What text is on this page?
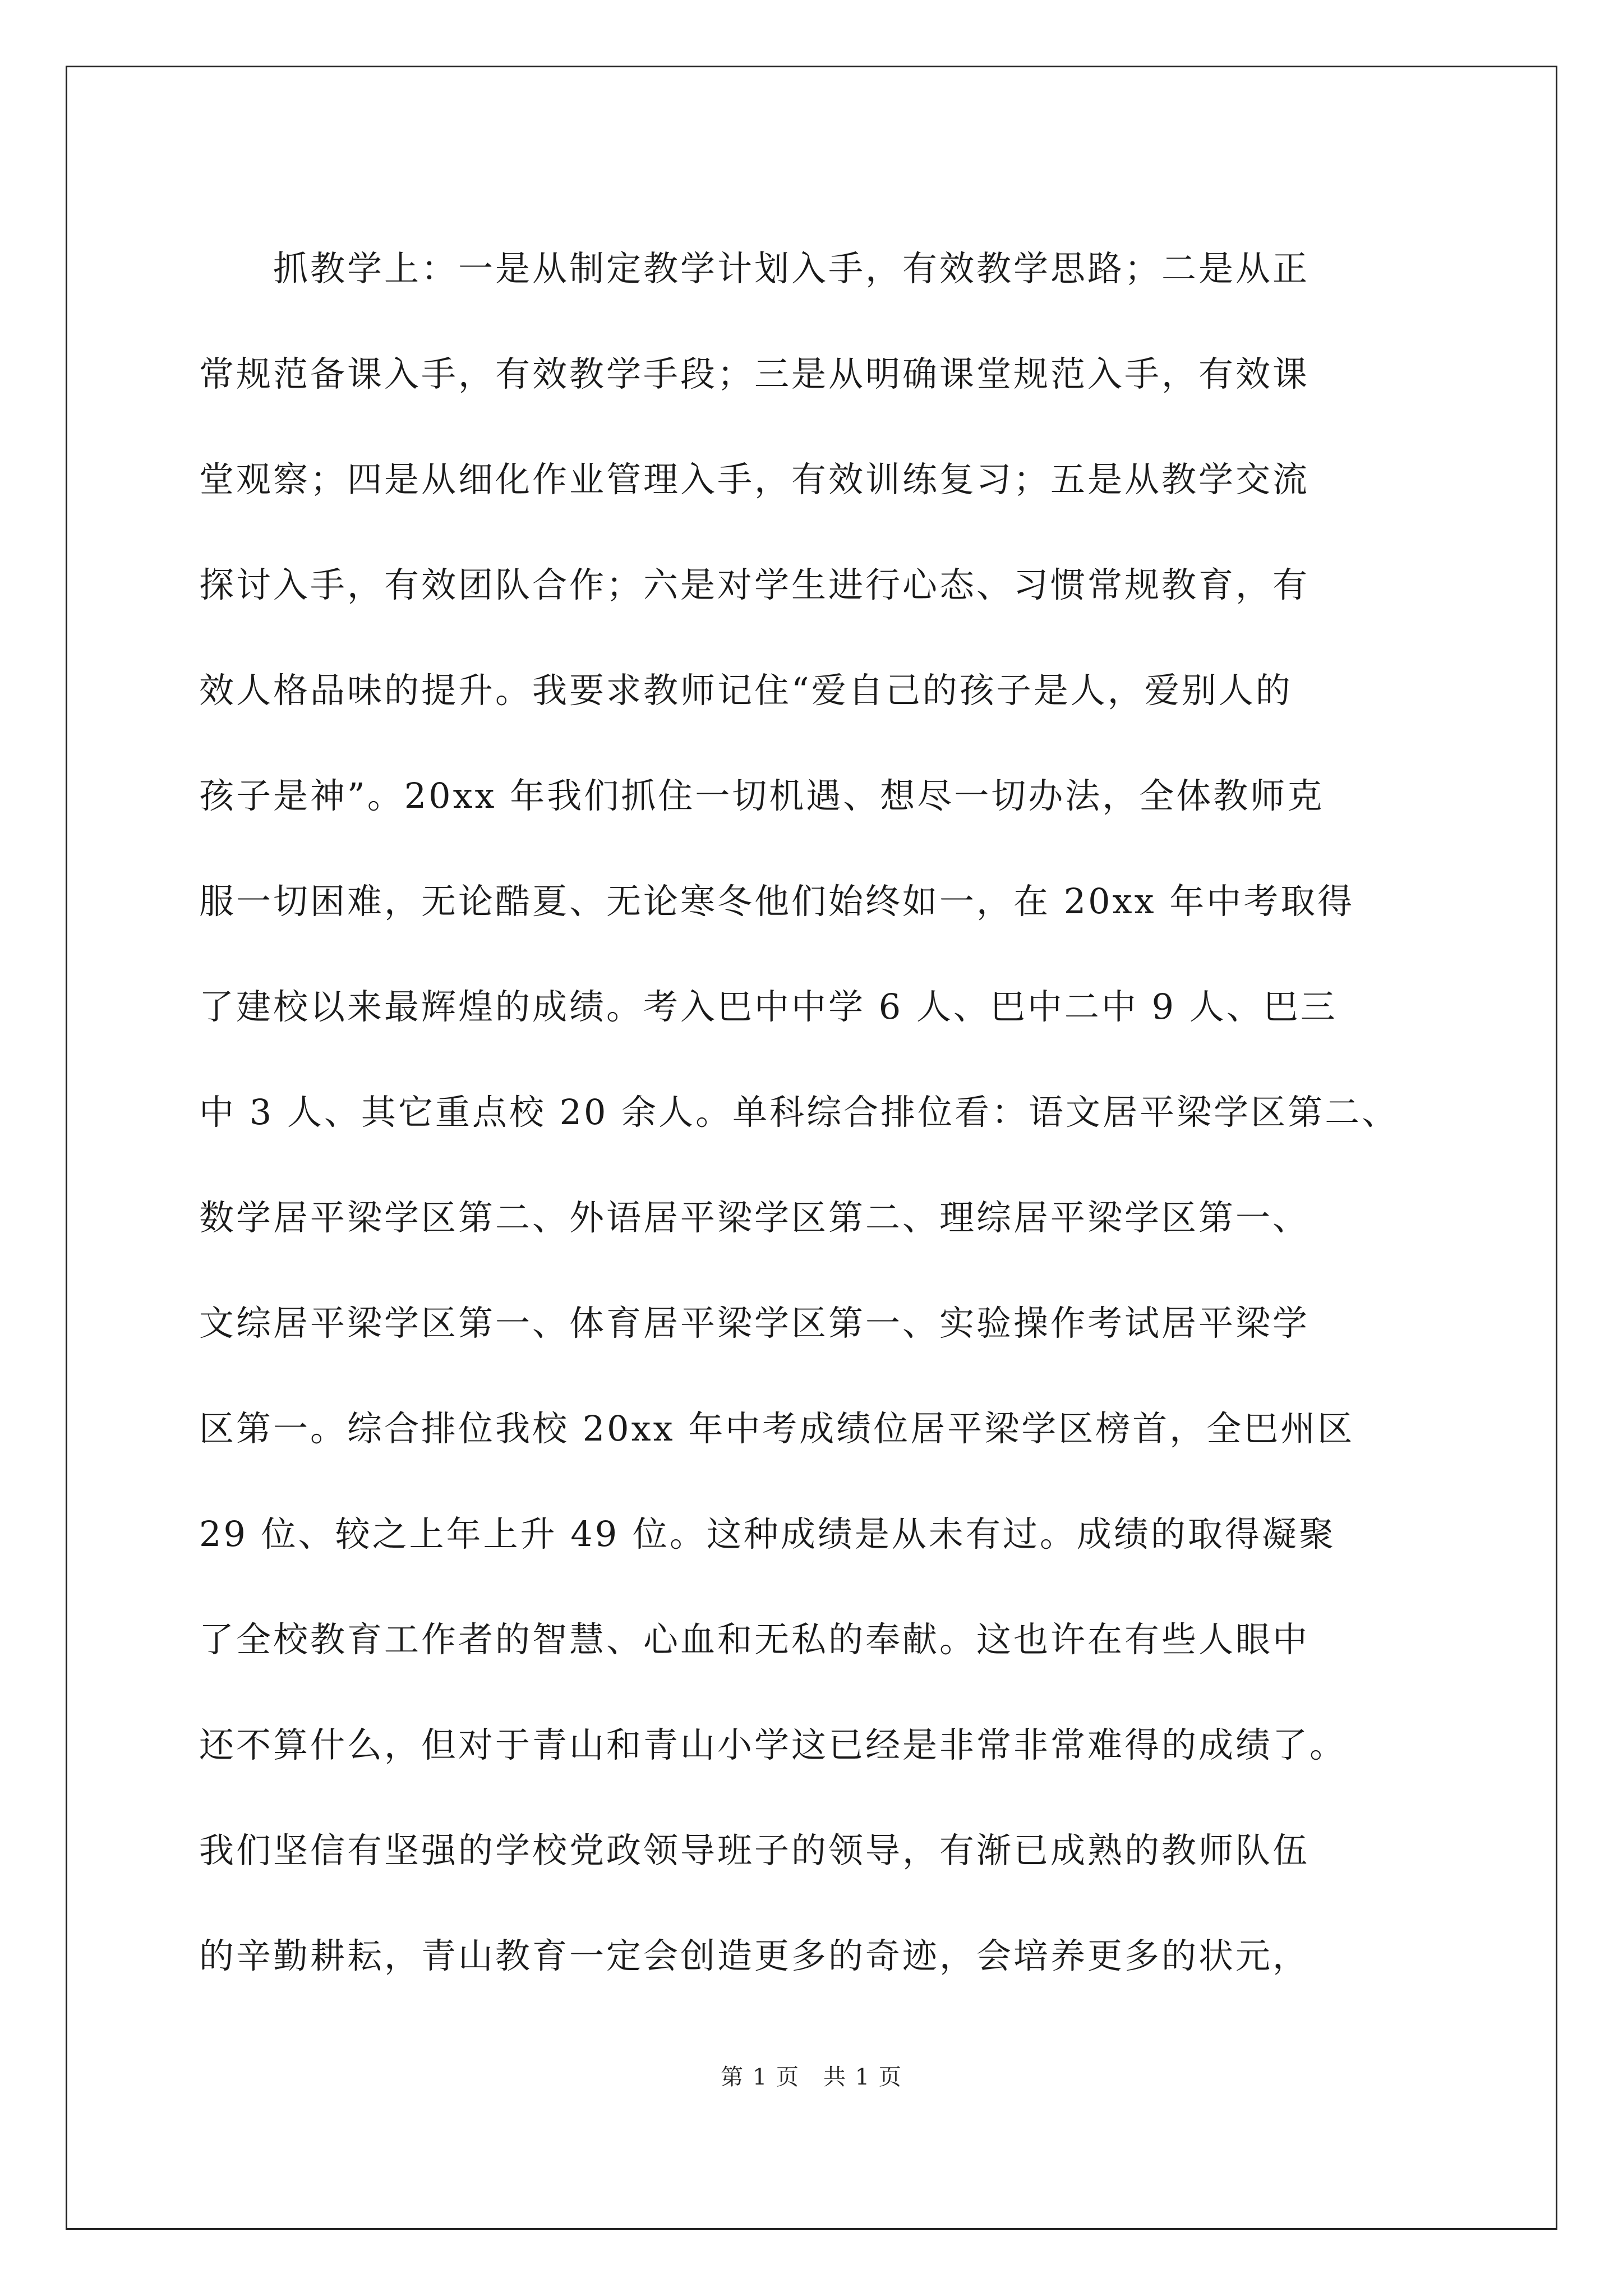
　　抓教学上：一是从制定教学计划入手，有效教学思路；二是从正
常规范备课入手，有效教学手段；三是从明确课堂规范入手，有效课
堂观察；四是从细化作业管理入手，有效训练复习；五是从教学交流
探讨入手，有效团队合作；六是对学生进行心态、习惯常规教育，有
效人格品味的提升。我要求教师记住“爱自己的孩子是人，爱别人的
孩子是神”。20xx 年我们抓住一切机遇、想尽一切办法，全体教师克
服一切困难，无论酷夏、无论寒冬他们始终如一，在 20xx 年中考取得
了建校以来最辉煌的成绩。考入巴中中学 6 人、巴中二中 9 人、巴三
中 3 人、其它重点校 20 余人。单科综合排位看：语文居平梁学区第二、
数学居平梁学区第二、外语居平梁学区第二、理综居平梁学区第一、
文综居平梁学区第一、体育居平梁学区第一、实验操作考试居平梁学
区第一。综合排位我校 20xx 年中考成绩位居平梁学区榜首，全巴州区
29 位、较之上年上升 49 位。这种成绩是从未有过。成绩的取得凝聚
了全校教育工作者的智慧、心血和无私的奉献。这也许在有些人眼中
还不算什么，但对于青山和青山小学这已经是非常非常难得的成绩了。
我们坚信有坚强的学校党政领导班子的领导，有渐已成熟的教师队伍
的辛勤耕耘，青山教育一定会创造更多的奇迹，会培养更多的状元，

第 1 页　共 1 页
